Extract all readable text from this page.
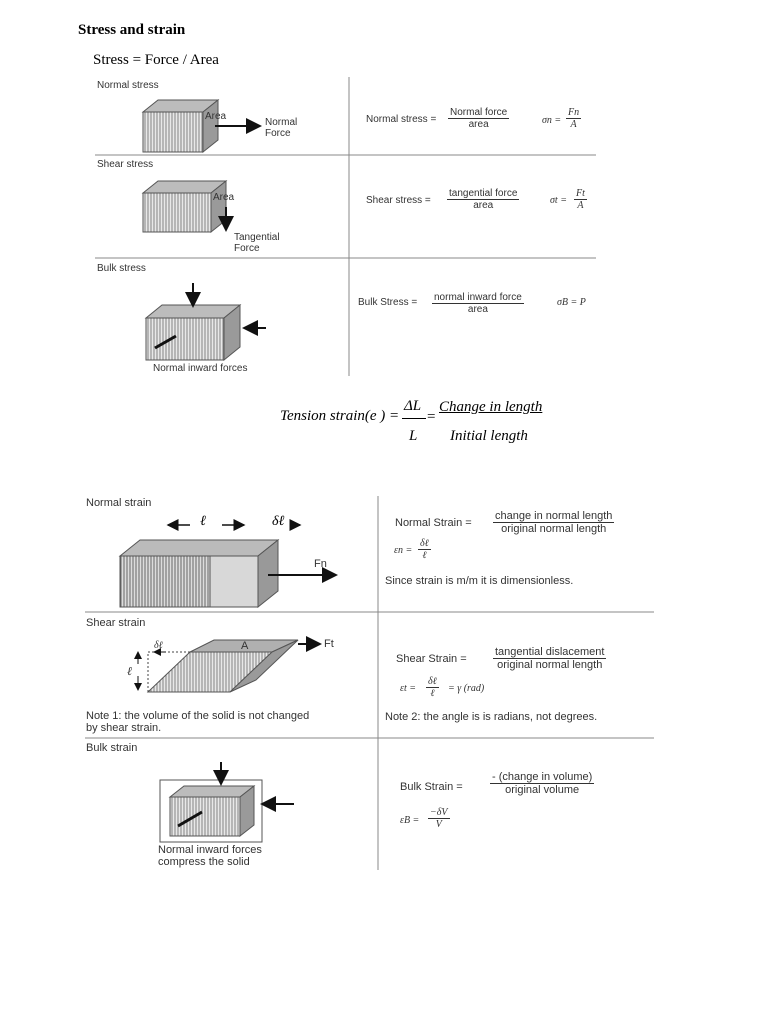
Stress and strain
Stress = Force / Area
Normal stress
Area
Normal
Force
Normal stress =
Normal force
area	$\sigma n = \frac{Fn}{A}$
Shear stress
Area
Tangential
Force
Shear stress =
tangential force
area	$\sigma t = \frac{Ft}{A}$
Bulk stress
Normal inward forces
Bulk Stress = normal inward force
area
σB = P
Tension strain(e ) =
ΔL
L
=
Change in length
Initial length
Normal strain
ℓ	δℓ
Fn
Normal Strain =
change in normal length
original normal length
εn =
δℓ
ℓ
Since strain is m/m it is dimensionless.
Shear strain
δℓ
ℓ
A	Ft
Shear Strain =
tangential dislacement
original normal length
εt =
δℓ
ℓ = γ (rad)
Note 1: the volume of the solid is not changed
by shear strain.
Note 2: the angle is is radians, not degrees.
Bulk strain
Normal inward forces
compress the solid
Bulk Strain =
- (change in volume)
original volume
$\varepsilon B = \frac{-\delta V}{V}$
